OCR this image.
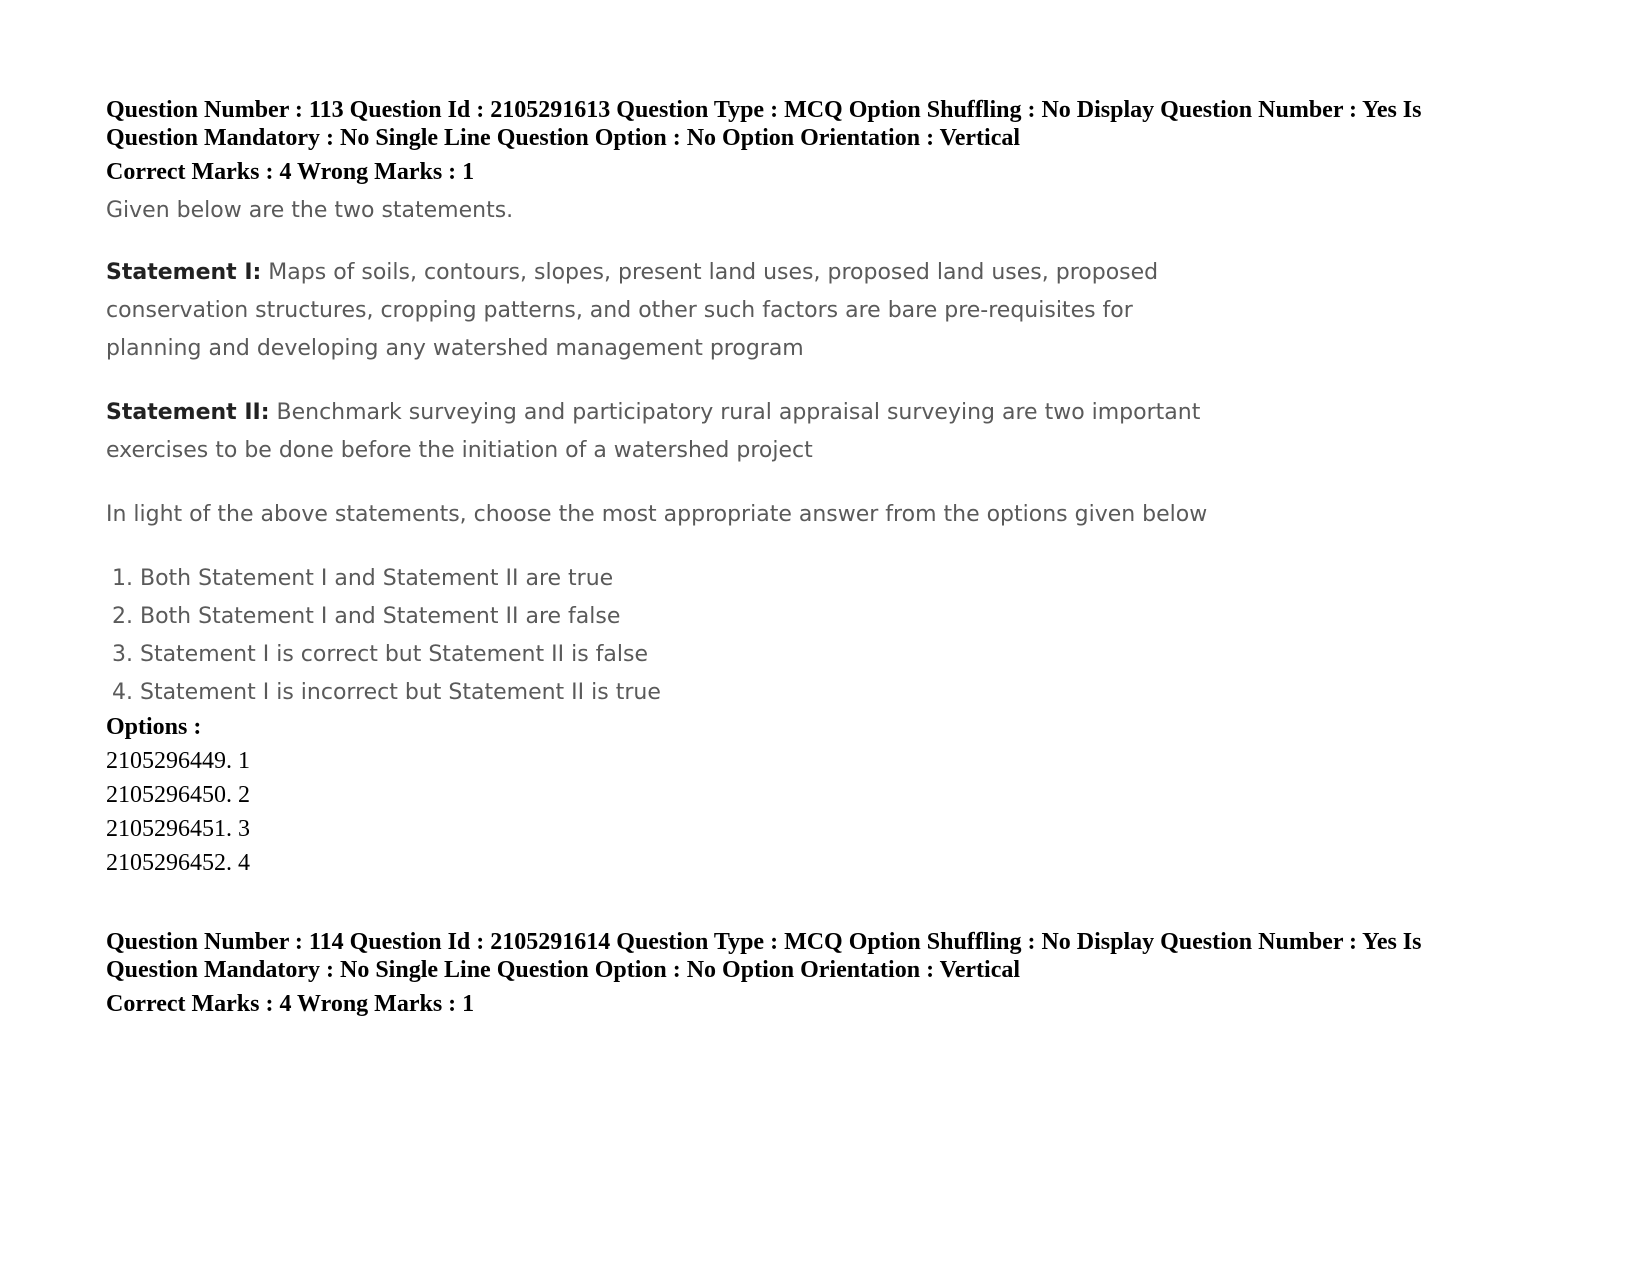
Question Number : 113 Question Id : 2105291613 Question Type : MCQ Option Shuffling : No Display Question Number : Yes Is

Question Mandatory : No Single Line Question Option : No Option Orientation : Vertical

Correct Marks : 4 Wrong Marks : 1

Given below are the two statements.

Statement I: Maps of soils, contours, slopes, present land uses, proposed land uses, proposed conservation structures, cropping patterns, and other such factors are bare pre-requisites for planning and developing any watershed management program

Statement II: Benchmark surveying and participatory rural appraisal surveying are two important exercises to be done before the initiation of a watershed project

In light of the above statements, choose the most appropriate answer from the options given below

1. Both Statement I and Statement II are true
2. Both Statement I and Statement II are false
3. Statement I is correct but Statement II is false
4. Statement I is incorrect but Statement II is true

Options :

2105296449. 1
2105296450. 2
2105296451. 3
2105296452. 4

Question Number : 114 Question Id : 2105291614 Question Type : MCQ Option Shuffling : No Display Question Number : Yes Is

Question Mandatory : No Single Line Question Option : No Option Orientation : Vertical

Correct Marks : 4 Wrong Marks : 1
